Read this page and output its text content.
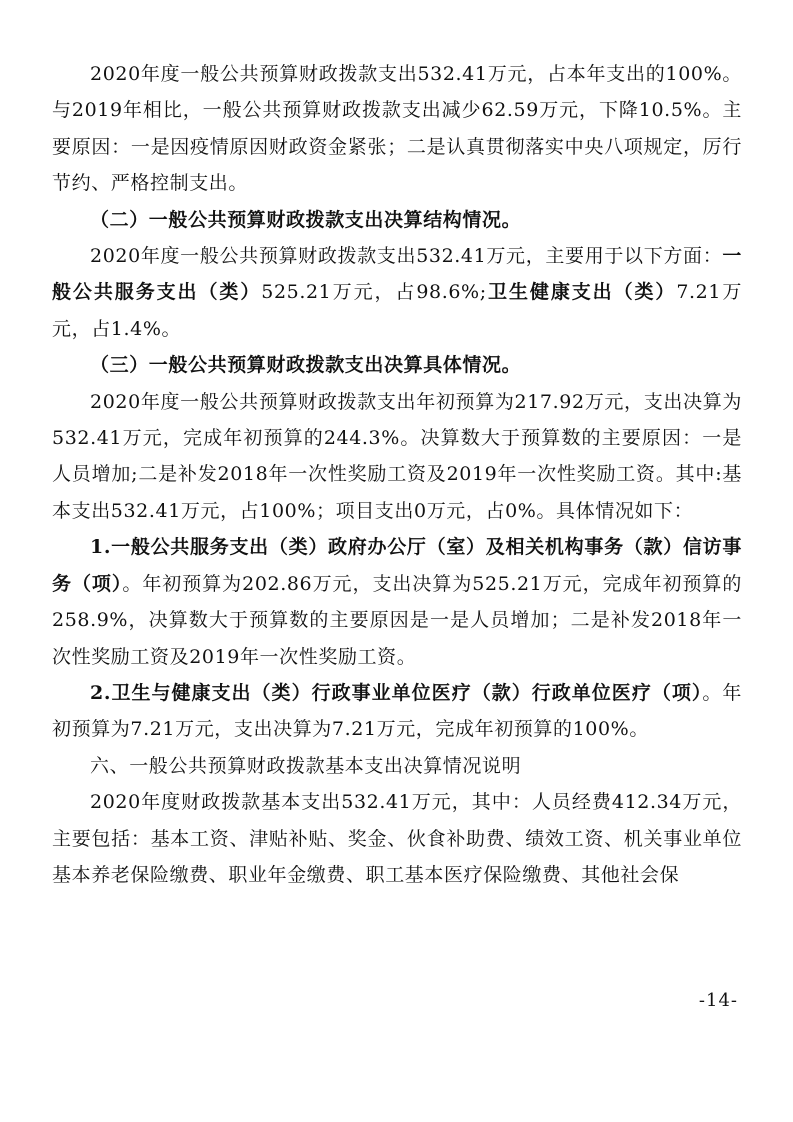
2020年度一般公共预算财政拨款支出532.41万元，占本年支出的100%。与2019年相比，一般公共预算财政拨款支出减少62.59万元，下降10.5%。主要原因：一是因疫情原因财政资金紧张；二是认真贯彻落实中央八项规定，厉行节约、严格控制支出。

（二）一般公共预算财政拨款支出决算结构情况。

2020年度一般公共预算财政拨款支出532.41万元，主要用于以下方面：一般公共服务支出（类）525.21万元，占98.6%;卫生健康支出（类）7.21万元，占1.4%。

（三）一般公共预算财政拨款支出决算具体情况。

2020年度一般公共预算财政拨款支出年初预算为217.92万元，支出决算为532.41万元，完成年初预算的244.3%。决算数大于预算数的主要原因：一是人员增加;二是补发2018年一次性奖励工资及2019年一次性奖励工资。其中:基本支出532.41万元，占100%；项目支出0万元，占0%。具体情况如下：

1.一般公共服务支出（类）政府办公厅（室）及相关机构事务（款）信访事务（项）。年初预算为202.86万元，支出决算为525.21万元，完成年初预算的258.9%，决算数大于预算数的主要原因是一是人员增加；二是补发2018年一次性奖励工资及2019年一次性奖励工资。

2.卫生与健康支出（类）行政事业单位医疗（款）行政单位医疗（项）。年初预算为7.21万元，支出决算为7.21万元，完成年初预算的100%。

六、一般公共预算财政拨款基本支出决算情况说明

2020年度财政拨款基本支出532.41万元，其中：人员经费412.34万元，主要包括：基本工资、津贴补贴、奖金、伙食补助费、绩效工资、机关事业单位基本养老保险缴费、职业年金缴费、职工基本医疗保险缴费、其他社会保

-14-
